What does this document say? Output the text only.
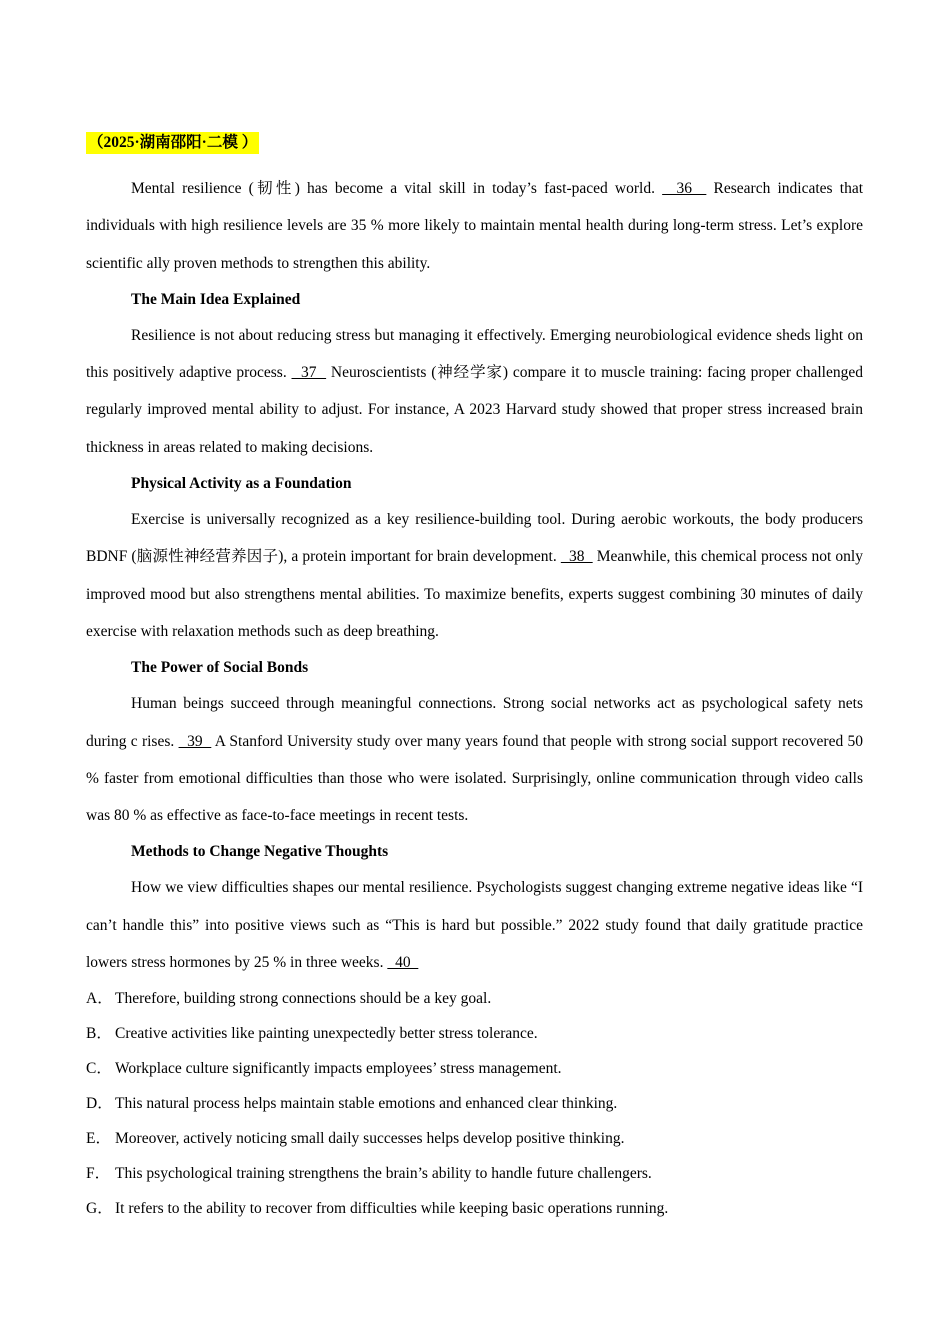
（2025·湖南邵阳·二模 ）

Mental resilience (韧性) has become a vital skill in today’s fast-paced world.   36   Research indicates that individuals with high resilience levels are 35 % more likely to maintain mental health during long-term stress. Let’s explore scientific ally proven methods to strengthen this ability.

The Main Idea Explained

Resilience is not about reducing stress but managing it effectively. Emerging neurobiological evidence sheds light on this positively adaptive process.   37   Neuroscientists (神经学家) compare it to muscle training: facing proper challenged regularly improved mental ability to adjust. For instance, A 2023 Harvard study showed that proper stress increased brain thickness in areas related to making decisions.

Physical Activity as a Foundation

Exercise is universally recognized as a key resilience-building tool. During aerobic workouts, the body producers BDNF (脑源性神经营养因子), a protein important for brain development.   38   Meanwhile, this chemical process not only improved mood but also strengthens mental abilities. To maximize benefits, experts suggest combining 30 minutes of daily exercise with relaxation methods such as deep breathing.

The Power of Social Bonds

Human beings succeed through meaningful connections. Strong social networks act as psychological safety nets during c rises.   39   A Stanford University study over many years found that people with strong social support recovered 50 % faster from emotional difficulties than those who were isolated. Surprisingly, online communication through video calls was 80 % as effective as face-to-face meetings in recent tests.

Methods to Change Negative Thoughts

How we view difficulties shapes our mental resilience. Psychologists suggest changing extreme negative ideas like “I can’t handle this” into positive views such as “This is hard but possible.” 2022 study found that daily gratitude practice lowers stress hormones by 25 % in three weeks.   40

A． Therefore, building strong connections should be a key goal.
B． Creative activities like painting unexpectedly better stress tolerance.
C． Workplace culture significantly impacts employees’ stress management.
D． This natural process helps maintain stable emotions and enhanced clear thinking.
E． Moreover, actively noticing small daily successes helps develop positive thinking.
F． This psychological training strengthens the brain’s ability to handle future challengers.
G． It refers to the ability to recover from difficulties while keeping basic operations running.
